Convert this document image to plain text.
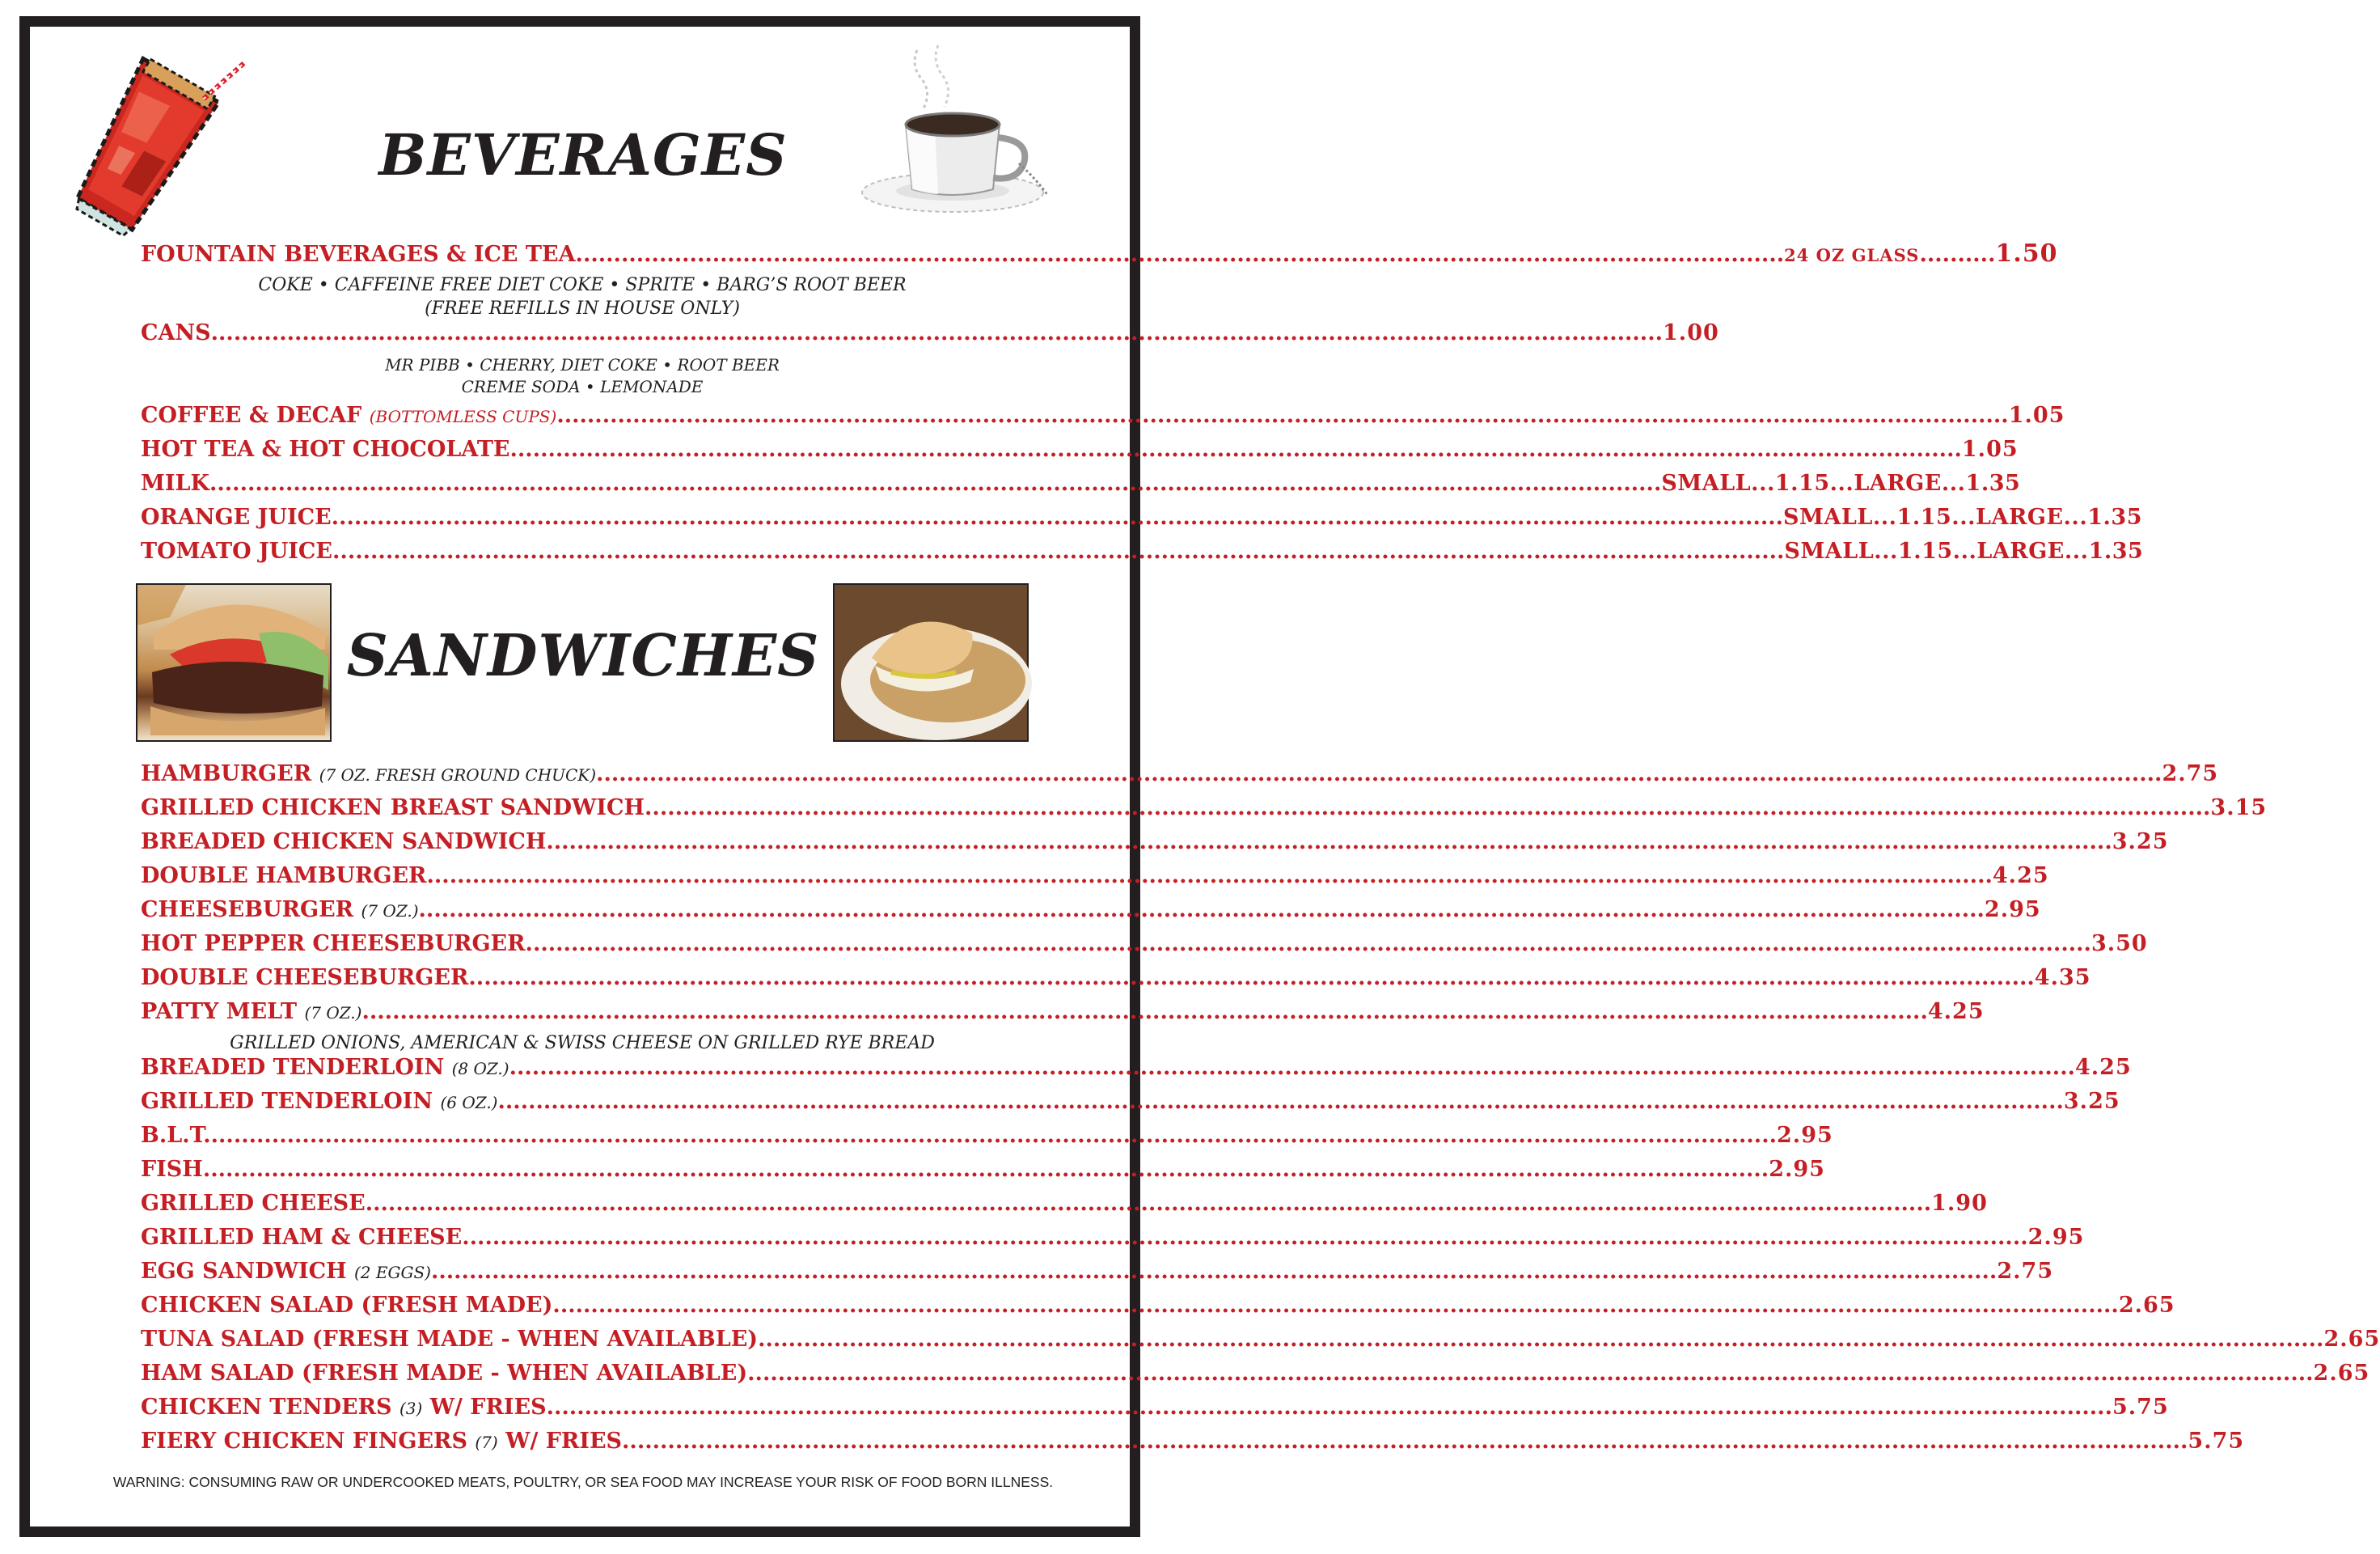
BEVERAGES
FOUNTAIN BEVERAGES & ICE TEA ............................................................................................................................................................... 24 OZ GLASS .......... 1.50
COKE • CAFFEINE FREE DIET COKE • SPRITE • BARG’S ROOT BEER
(FREE REFILLS IN HOUSE ONLY)
CANS ............................................................................................................................................................................................... 1.00
MR PIBB • CHERRY, DIET COKE • ROOT BEER
CREME SODA • LEMONADE
COFFEE & DECAF
(BOTTOMLESS CUPS) ............................................................................................................................................................................................... 1.05
HOT TEA & HOT CHOCOLATE ............................................................................................................................................................................................... 1.05
MILK ............................................................................................................................................................................................... SMALL...1.15...LARGE...1.35
ORANGE JUICE ............................................................................................................................................................................................... SMALL...1.15...LARGE...1.35
TOMATO JUICE ............................................................................................................................................................................................... SMALL...1.15...LARGE...1.35
SANDWICHES
HAMBURGER
(7 OZ. FRESH GROUND CHUCK) .............................................................................................................................................................................................................. 2.75
GRILLED CHICKEN BREAST SANDWICH .............................................................................................................................................................................................................. 3.15
BREADED CHICKEN SANDWICH .............................................................................................................................................................................................................. 3.25
DOUBLE HAMBURGER .............................................................................................................................................................................................................. 4.25
CHEESEBURGER
(7 OZ.) .............................................................................................................................................................................................................. 2.95
HOT PEPPER CHEESEBURGER .............................................................................................................................................................................................................. 3.50
DOUBLE CHEESEBURGER .............................................................................................................................................................................................................. 4.35
PATTY MELT
(7 OZ.) .............................................................................................................................................................................................................. 4.25
GRILLED ONIONS, AMERICAN & SWISS CHEESE ON GRILLED RYE BREAD
BREADED TENDERLOIN
(8 OZ.) .............................................................................................................................................................................................................. 4.25
GRILLED TENDERLOIN
(6 OZ.) .............................................................................................................................................................................................................. 3.25
B.L.T. .............................................................................................................................................................................................................. 2.95
FISH .............................................................................................................................................................................................................. 2.95
GRILLED CHEESE .............................................................................................................................................................................................................. 1.90
GRILLED HAM & CHEESE .............................................................................................................................................................................................................. 2.95
EGG SANDWICH
(2 EGGS) .............................................................................................................................................................................................................. 2.75
CHICKEN SALAD (FRESH MADE) .............................................................................................................................................................................................................. 2.65
TUNA SALAD (FRESH MADE - WHEN AVAILABLE) .............................................................................................................................................................................................................. 2.65
HAM SALAD (FRESH MADE - WHEN AVAILABLE) .............................................................................................................................................................................................................. 2.65
CHICKEN TENDERS
(3)
W/ FRIES .............................................................................................................................................................................................................. 5.75
FIERY CHICKEN FINGERS
(7)
W/ FRIES .............................................................................................................................................................................................................. 5.75
WARNING: CONSUMING RAW OR UNDERCOOKED MEATS, POULTRY, OR SEA FOOD MAY INCREASE YOUR RISK OF FOOD BORN ILLNESS.
